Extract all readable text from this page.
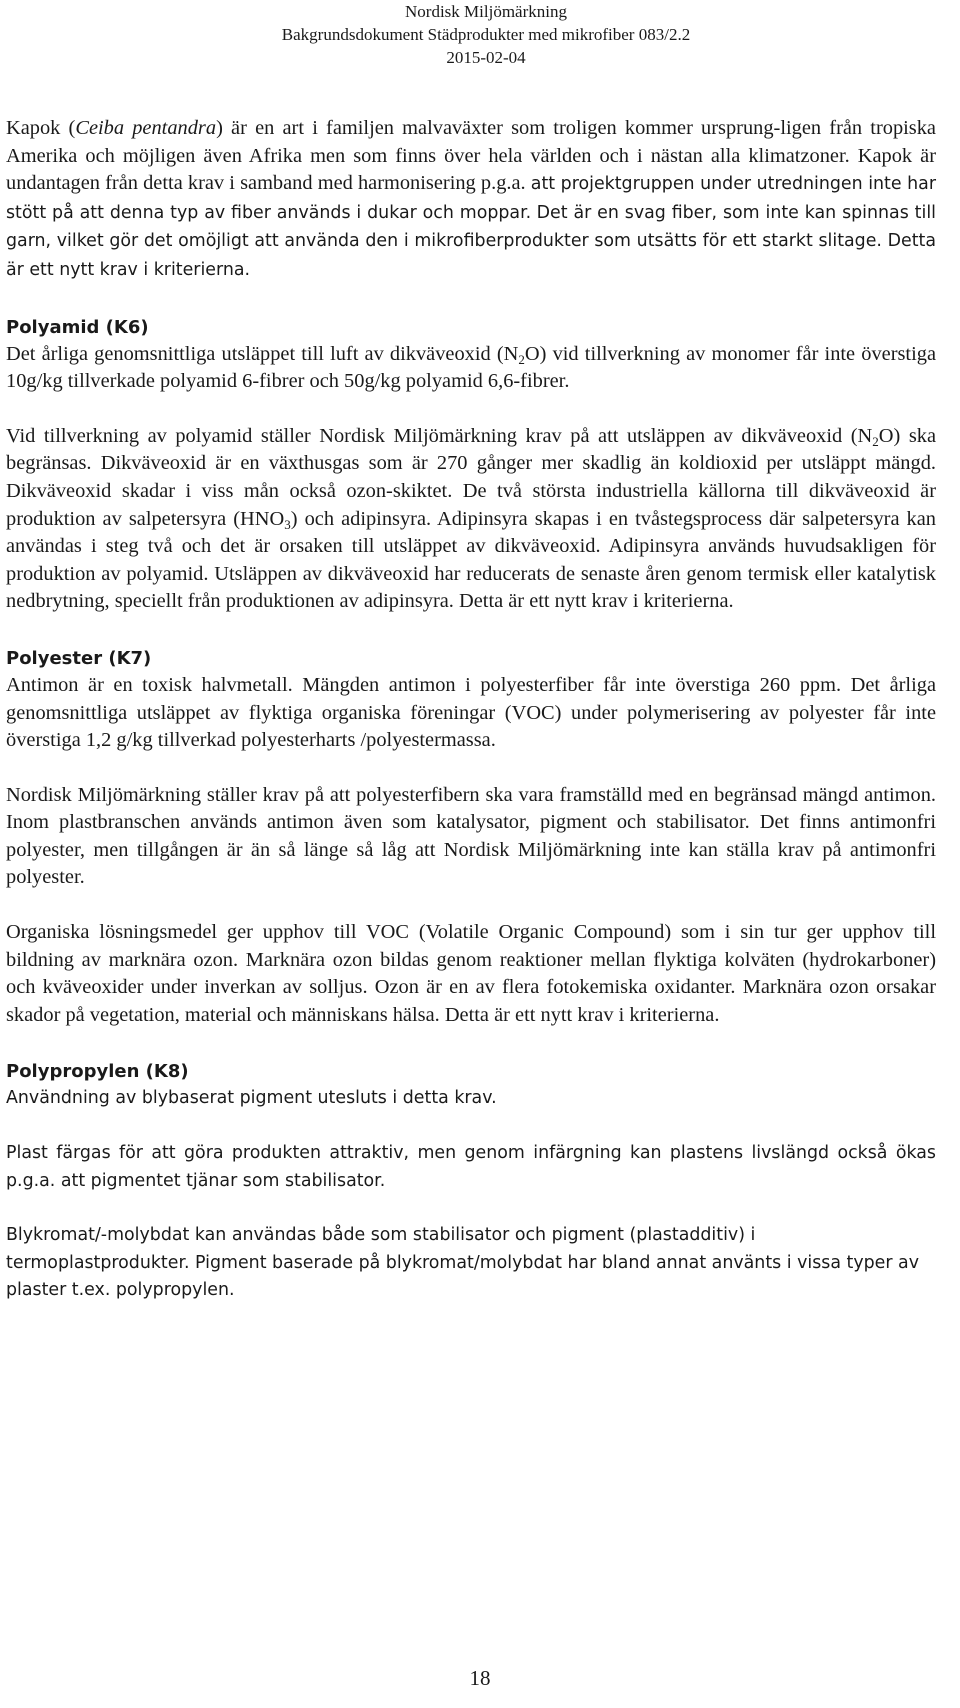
Nordisk Miljömärkning
Bakgrundsdokument Städprodukter med mikrofiber 083/2.2
2015-02-04

Kapok (Ceiba pentandra) är en art i familjen malvaväxter som troligen kommer ursprung-ligen från tropiska Amerika och möjligen även Afrika men som finns över hela världen och i nästan alla klimatzoner. Kapok är undantagen från detta krav i samband med harmonisering p.g.a. att projektgruppen under utredningen inte har stött på att denna typ av fiber används i dukar och moppar. Det är en svag fiber, som inte kan spinnas till garn, vilket gör det omöjligt att använda den i mikrofiberprodukter som utsätts för ett starkt slitage. Detta är ett nytt krav i kriterierna.

Polyamid (K6)

Det årliga genomsnittliga utsläppet till luft av dikväveoxid $(N_2O)$ vid tillverkning av monomer får inte överstiga 10g/kg tillverkade polyamid 6-fibrer och 50g/kg polyamid 6,6-fibrer.

Vid tillverkning av polyamid ställer Nordisk Miljömärkning krav på att utsläppen av dikväveoxid $(N_2O)$ ska begränsas. Dikväveoxid är en växthusgas som är 270 gånger mer skadlig än koldioxid per utsläppt mängd. Dikväveoxid skadar i viss mån också ozon-skiktet. De två största industriella källorna till dikväveoxid är produktion av salpetersyra $(HNO_3)$ och adipinsyra. Adipinsyra skapas i en tvåstegsprocess där salpetersyra kan användas i steg två och det är orsaken till utsläppet av dikväveoxid. Adipinsyra används huvudsakligen för produktion av polyamid. Utsläppen av dikväveoxid har reducerats de senaste åren genom termisk eller katalytisk nedbrytning, speciellt från produktionen av adipinsyra. Detta är ett nytt krav i kriterierna.

Polyester (K7)

Antimon är en toxisk halvmetall. Mängden antimon i polyesterfiber får inte överstiga 260 ppm. Det årliga genomsnittliga utsläppet av flyktiga organiska föreningar (VOC) under polymerisering av polyester får inte överstiga 1,2 g/kg tillverkad polyesterharts /polyestermassa.

Nordisk Miljömärkning ställer krav på att polyesterfibern ska vara framställd med en begränsad mängd antimon. Inom plastbranschen används antimon även som katalysator, pigment och stabilisator. Det finns antimonfri polyester, men tillgången är än så länge så låg att Nordisk Miljömärkning inte kan ställa krav på antimonfri polyester.

Organiska lösningsmedel ger upphov till VOC (Volatile Organic Compound) som i sin tur ger upphov till bildning av marknära ozon. Marknära ozon bildas genom reaktioner mellan flyktiga kolväten (hydrokarboner) och kväveoxider under inverkan av solljus. Ozon är en av flera fotokemiska oxidanter. Marknära ozon orsakar skador på vegetation, material och människans hälsa. Detta är ett nytt krav i kriterierna.

Polypropylen (K8)

Användning av blybaserat pigment utesluts i detta krav.

Plast färgas för att göra produkten attraktiv, men genom infärgning kan plastens livslängd också ökas p.g.a. att pigmentet tjänar som stabilisator.

Blykromat/-molybdat kan användas både som stabilisator och pigment (plastadditiv) i termoplastprodukter. Pigment baserade på blykromat/molybdat har bland annat använts i vissa typer av plaster t.ex. polypropylen.

18
